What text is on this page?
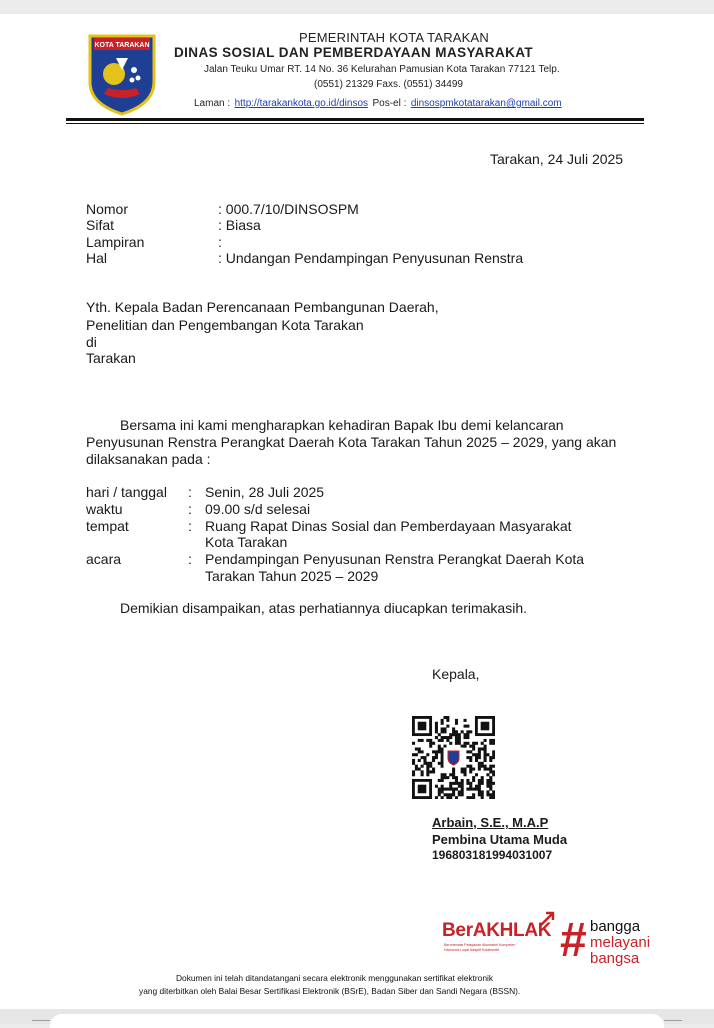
KOTA TARAKAN
PEMERINTAH KOTA TARAKAN
DINAS SOSIAL DAN PEMBERDAYAAN MASYARAKAT
Jalan Teuku Umar RT. 14 No. 36 Kelurahan Pamusian Kota Tarakan 77121 Telp.
(0551) 21329 Faxs. (0551) 34499
Laman : http://tarakankota.go.id/dinsos Pos-el : dinsospmkotatarakan@gmail.com
Tarakan, 24 Juli 2025
Nomor	: 000.7/10/DINSOSPM
Sifat	: Biasa
Lampiran	:
Hal	: Undangan Pendampingan Penyusunan Renstra
Yth. Kepala Badan Perencanaan Pembangunan Daerah,
Penelitian dan Pengembangan Kota Tarakan
di
Tarakan
Bersama ini kami mengharapkan kehadiran Bapak Ibu demi kelancaran
Penyusunan Renstra Perangkat Daerah Kota Tarakan Tahun 2025 – 2029, yang akan
dilaksanakan pada :
hari / tanggal : Senin, 28 Juli 2025
waktu	: 09.00 s/d selesai
tempat	: Ruang Rapat Dinas Sosial dan Pemberdayaan Masyarakat
Kota Tarakan
acara	: Pendampingan Penyusunan Renstra Perangkat Daerah Kota
Tarakan Tahun 2025 – 2029
Demikian disampaikan, atas perhatiannya diucapkan terimakasih.
Kepala,
Arbain, S.E., M.A.P
Pembina Utama Muda
196803181994031007
BerAKHLAK
Berorientasi Pelayanan Akuntabel Kompeten
Harmonis Loyal Adaptif Kolaboratif # bangga
melayani
bangsa
Dokumen ini telah ditandatangani secara elektronik menggunakan sertifikat elektronik
yang diterbitkan oleh Balai Besar Sertifikasi Elektronik (BSrE), Badan Siber dan Sandi Negara (BSSN).
